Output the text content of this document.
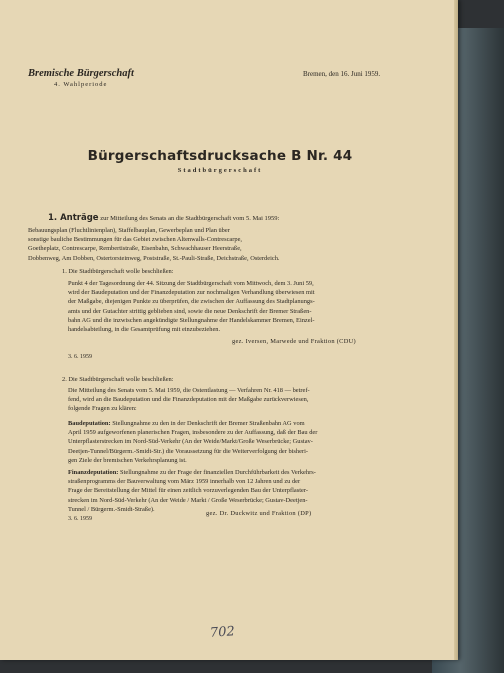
Bremische Bürgerschaft
4. Wahlperiode
Bremen, den 16. Juni 1959.
Bürgerschaftsdrucksache B Nr. 44
Stadtbürgerschaft
1. Anträge zur Mitteilung des Senats an die Stadtbürgerschaft vom 5. Mai 1959:
Bebauungsplan (Fluchtlinienplan), Staffelbauplan, Gewerbeplan und Plan über
sonstige bauliche Bestimmungen für das Gebiet zwischen Altenwalls-Contrescarpe,
Goetheplatz, Contrescarpe, Rembertistraße, Eisenbahn, Schwachhauser Heerstraße,
Dobbenweg, Am Dobben, Ostertorsteinweg, Poststraße, St.-Pauli-Straße, Deichstraße, Osterdeich.
1. Die Stadtbürgerschaft wolle beschließen:
Punkt 4 der Tagesordnung der 44. Sitzung der Stadtbürgerschaft vom Mittwoch, dem 3. Juni 59,
wird der Baudeputation und der Finanzdeputation zur nochmaligen Verhandlung überwiesen mit
der Maßgabe, diejenigen Punkte zu überprüfen, die zwischen der Auffassung des Stadtplanungs-
amts und der Gutachter strittig geblieben sind, sowie die neue Denkschrift der Bremer Straßen-
bahn AG und die inzwischen angekündigte Stellungnahme der Handelskammer Bremen, Einzel-
handelsabteilung, in die Gesamtprüfung mit einzubeziehen.
gez. Iversen, Marwede und Fraktion (CDU)
3. 6. 1959
2. Die Stadtbürgerschaft wolle beschließen:
Die Mitteilung des Senats vom 5. Mai 1959, die Ostentlastung — Verfahren Nr. 418 — betref-
fend, wird an die Baudeputation und die Finanzdeputation mit der Maßgabe zurückverwiesen,
folgende Fragen zu klären:
Baudeputation: Stellungnahme zu den in der Denkschrift der Bremer Straßenbahn AG vom
April 1959 aufgeworfenen planerischen Fragen, insbesondere zu der Auffassung, daß der Bau der
Unterpflasterstrecken im Nord-Süd-Verkehr (An der Weide/Markt/Große Weserbrücke; Gustav-
Deetjen-Tunnel/Bürgerm.-Smidt-Str.) die Voraussetzung für die Weiterverfolgung der bisheri-
gen Ziele der bremischen Verkehrsplanung ist.
Finanzdeputation: Stellungnahme zu der Frage der finanziellen Durchführbarkeit des Verkehrs-
straßenprogramms der Bauverwaltung vom März 1959 innerhalb von 12 Jahren und zu der
Frage der Bereitstellung der Mittel für einen zeitlich vorzuverlegenden Bau der Unterpflaster-
strecken im Nord-Süd-Verkehr (An der Weide / Markt / Große Weserbrücke; Gustav-Deetjen-
Tunnel / Bürgerm.-Smidt-Straße).
3. 6. 1959
gez. Dr. Duckwitz und Fraktion (DP)
702
